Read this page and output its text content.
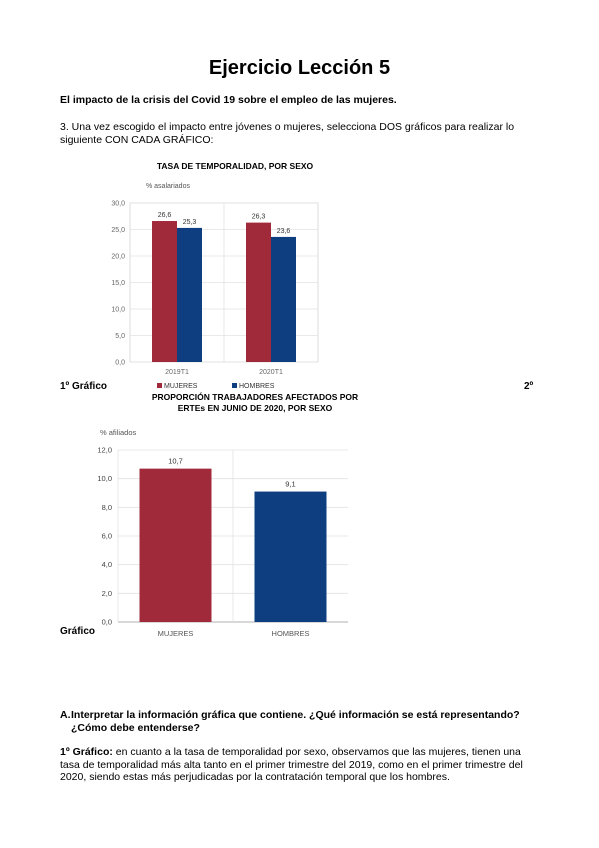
Ejercicio Lección 5
El impacto de la crisis del Covid 19 sobre el empleo de las mujeres.
3. Una vez escogido el impacto entre jóvenes o mujeres, selecciona DOS gráficos para realizar lo siguiente CON CADA GRÁFICO:
TASA DE TEMPORALIDAD, POR SEXO
% asalariados
0,0
5,0
10,0
15,0
20,0
25,0
30,0
26,6
25,3
2019T1
26,3
23,6
2020T1
MUJERES	HOMBRES
1º Gráfico	2º
PROPORCIÓN TRABAJADORES AFECTADOS POR
ERTEs EN JUNIO DE 2020, POR SEXO
% afiliados
0,0
2,0
4,0
6,0
8,0
10,0
12,0
10,7
MUJERES
9,1
HOMBRES
Gráfico
A. Interpretar la información gráfica que contiene. ¿Qué información se está representando? ¿Cómo debe entenderse?
1º Gráfico: en cuanto a la tasa de temporalidad por sexo, observamos que las mujeres, tienen una tasa de temporalidad más alta tanto en el primer trimestre del 2019, como en el primer trimestre del 2020, siendo estas más perjudicadas por la contratación temporal que los hombres.
